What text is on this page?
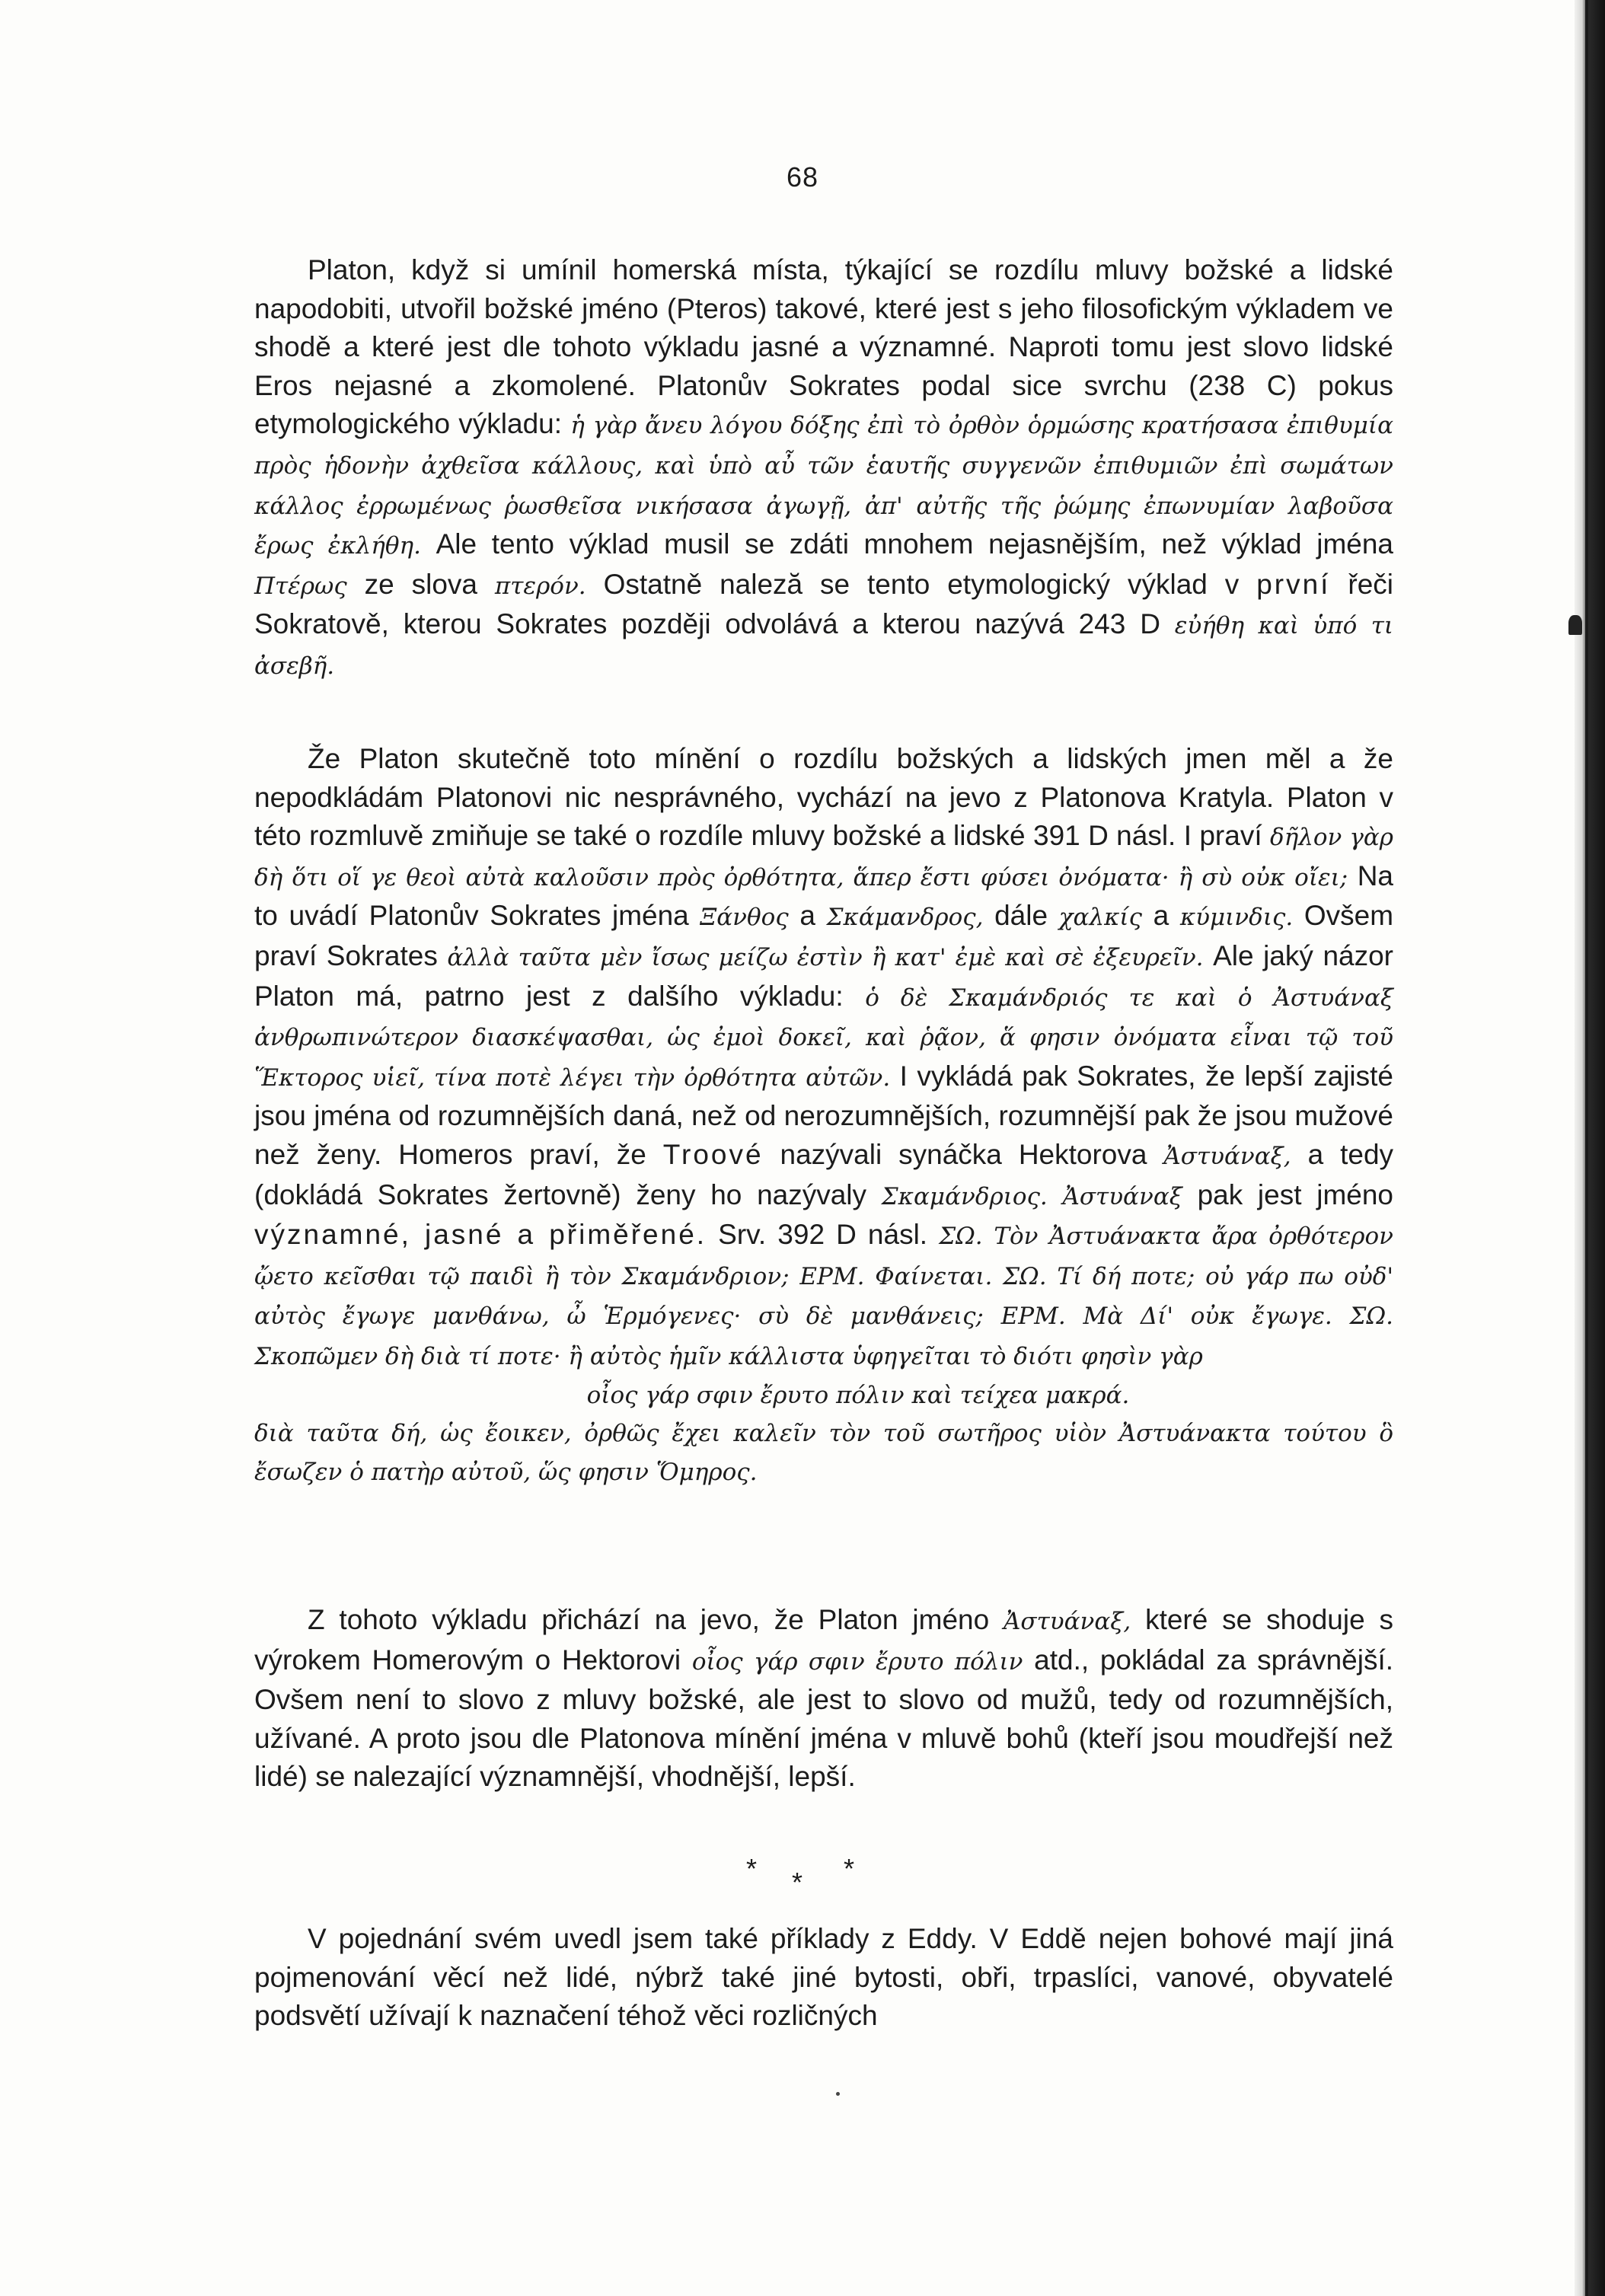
68

Platon, když si umínil homerská místa, týkající se rozdílu mluvy božské a lidské napodobiti, utvořil božské jméno (Pteros) takové, které jest s jeho filosofickým výkladem ve shodě a které jest dle tohoto výkladu jasné a významné. Naproti tomu jest slovo lidské Eros nejasné a zkomolené. Platonův Sokrates podal sice svrchu (238 C) pokus etymologického výkladu: ἡ γὰρ ἄνευ λόγου δόξης ἐπὶ τὸ ὀρθὸν ὁρμώσης κρατήσασα ἐπιθυμία πρὸς ἡδονὴν ἀχθεῖσα κάλλους, καὶ ὑπὸ αὖ τῶν ἑαυτῆς συγγενῶν ἐπιθυμιῶν ἐπὶ σωμάτων κάλλος ἐρρωμένως ῥωσθεῖσα νικήσασα ἀγωγῇ, ἀπ' αὐτῆς τῆς ῥώμης ἐπωνυμίαν λαβοῦσα ἔρως ἐκλήθη. Ale tento výklad musil se zdáti mnohem nejasnějším, než výklad jména Πτέρως ze slova πτερόν. Ostatně naleză se tento etymologický výklad v první řeči Sokratově, kterou Sokrates později odvolává a kterou nazývá 243 D εὐήθη καὶ ὑπό τι ἀσεβῆ.

Že Platon skutečně toto mínění o rozdílu božských a lidských jmen měl a že nepodkládám Platonovi nic nesprávného, vychází na jevo z Platonova Kratyla. Platon v této rozmluvě zmiňuje se také o rozdíle mluvy božské a lidské 391 D násl. I praví δῆλον γὰρ δὴ ὅτι οἵ γε θεοὶ αὐτὰ καλοῦσιν πρὸς ὀρθότητα, ἅπερ ἔστι φύσει ὀνόματα· ἢ σὺ οὐκ οἴει; Na to uvádí Platonův Sokrates jména Ξάνθος a Σκάμανδρος, dále χαλκίς a κύμινδις. Ovšem praví Sokrates ἀλλὰ ταῦτα μὲν ἴσως μείζω ἐστὶν ἢ κατ' ἐμὲ καὶ σὲ ἐξευρεῖν. Ale jaký názor Platon má, patrno jest z dalšího výkladu: ὁ δὲ Σκαμάνδριός τε καὶ ὁ Ἀστυάναξ ἀνθρωπινώτερον διασκέψασθαι, ὡς ἐμοὶ δοκεῖ, καὶ ῥᾷον, ἅ φησιν ὀνόματα εἶναι τῷ τοῦ Ἕκτορος υἱεῖ, τίνα ποτὲ λέγει τὴν ὀρθότητα αὐτῶν. I vykládá pak Sokrates, že lepší zajisté jsou jména od rozumnějších daná, než od nerozumnějších, rozumnější pak že jsou mužové než ženy. Homeros praví, že Troové nazývali synáčka Hektorova Ἀστυάναξ, a tedy (dokládá Sokrates žertovně) ženy ho nazývaly Σκαμάνδριος. Ἀστυάναξ pak jest jméno významné, jasné a přiměřené. Srv. 392 D násl. ΣΩ. Τὸν Ἀστυάνακτα ἄρα ὀρθότερον ᾤετο κεῖσθαι τῷ παιδὶ ἢ τὸν Σκαμάνδριον; ΕΡΜ. Φαίνεται. ΣΩ. Τί δή ποτε; οὐ γάρ πω οὐδ' αὐτὸς ἔγωγε μανθάνω, ὦ Ἑρμόγενες· σὺ δὲ μανθάνεις; ΕΡΜ. Μὰ Δί' οὐκ ἔγωγε. ΣΩ. Σκοπῶμεν δὴ διὰ τί ποτε· ἢ αὐτὸς ἡμῖν κάλλιστα ὑφηγεῖται τὸ διότι φησὶν γὰρ
οἶος γάρ σφιν ἔρυτο πόλιν καὶ τείχεα μακρά.
διὰ ταῦτα δή, ὡς ἔοικεν, ὀρθῶς ἔχει καλεῖν τὸν τοῦ σωτῆρος υἱὸν Ἀστυάνακτα τούτου ὃ ἔσωζεν ὁ πατὴρ αὐτοῦ, ὥς φησιν Ὅμηρος.

Z tohoto výkladu přichází na jevo, že Platon jméno Ἀστυάναξ, které se shoduje s výrokem Homerovým o Hektorovi οἶος γάρ σφιν ἔρυτο πόλιν atd., pokládal za správnější. Ovšem není to slovo z mluvy božské, ale jest to slovo od mužů, tedy od rozumnějších, užívané. A proto jsou dle Platonova mínění jména v mluvě bohů (kteří jsou moudřejší než lidé) se nalezající významnější, vhodnější, lepší.

* * *

V pojednání svém uvedl jsem také příklady z Eddy. V Eddě nejen bohové mají jiná pojmenování věcí než lidé, nýbrž také jiné bytosti, obři, trpaslíci, vanové, obyvatelé podsvětí užívají k naznačení téhož věci rozličných
